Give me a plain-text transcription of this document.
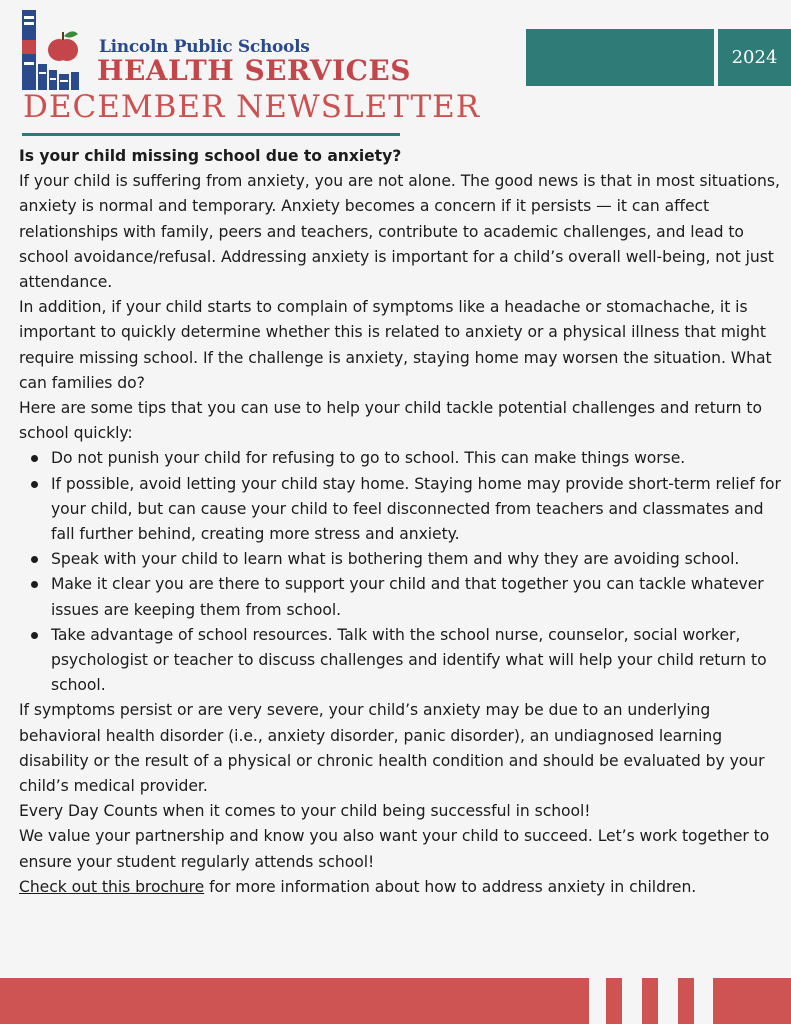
Lincoln Public Schools

HEALTH SERVICES

DECEMBER NEWSLETTER
2024

Is your child missing school due to anxiety?

If your child is suffering from anxiety, you are not alone. The good news is that in most situations, anxiety is normal and temporary. Anxiety becomes a concern if it persists — it can affect relationships with family, peers and teachers, contribute to academic challenges, and lead to school avoidance/refusal. Addressing anxiety is important for a child’s overall well-being, not just attendance.

In addition, if your child starts to complain of symptoms like a headache or stomachache, it is important to quickly determine whether this is related to anxiety or a physical illness that might require missing school. If the challenge is anxiety, staying home may worsen the situation. What can families do?

Here are some tips that you can use to help your child tackle potential challenges and return to school quickly:

Do not punish your child for refusing to go to school. This can make things worse.
If possible, avoid letting your child stay home. Staying home may provide short-term relief for your child, but can cause your child to feel disconnected from teachers and classmates and fall further behind, creating more stress and anxiety.
Speak with your child to learn what is bothering them and why they are avoiding school.
Make it clear you are there to support your child and that together you can tackle whatever issues are keeping them from school.
Take advantage of school resources. Talk with the school nurse, counselor, social worker, psychologist or teacher to discuss challenges and identify what will help your child return to school.

If symptoms persist or are very severe, your child’s anxiety may be due to an underlying behavioral health disorder (i.e., anxiety disorder, panic disorder), an undiagnosed learning disability or the result of a physical or chronic health condition and should be evaluated by your child’s medical provider.

Every Day Counts when it comes to your child being successful in school!

We value your partnership and know you also want your child to succeed. Let’s work together to ensure your student regularly attends school!

Check out this brochure for more information about how to address anxiety in children.
